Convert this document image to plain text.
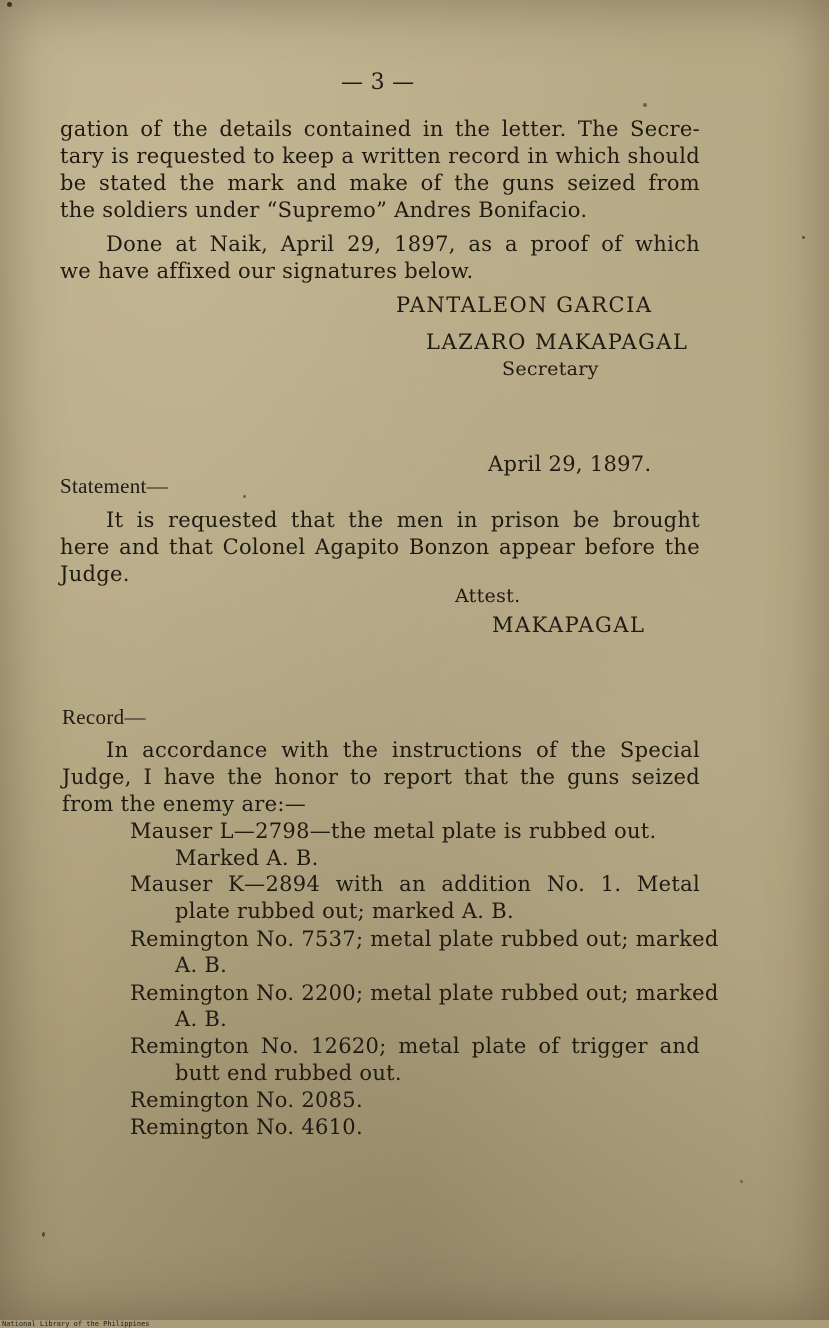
— 3 —
gation of the details contained in the letter. The Secre-
tary is requested to keep a written record in which should
be stated the mark and make of the guns seized from
the soldiers under “Supremo” Andres Bonifacio.
Done at Naik, April 29, 1897, as a proof of which
we have affixed our signatures below.
PANTALEON GARCIA
LAZARO MAKAPAGAL
Secretary
April 29, 1897.
Statement—
It is requested that the men in prison be brought
here and that Colonel Agapito Bonzon appear before the
Judge.
Attest.
MAKAPAGAL
Record—
In accordance with the instructions of the Special
Judge, I have the honor to report that the guns seized
from the enemy are:—
Mauser L—2798—the metal plate is rubbed out.
Marked A. B.
Mauser K—2894 with an addition No. 1. Metal
plate rubbed out; marked A. B.
Remington No. 7537; metal plate rubbed out; marked
A. B.
Remington No. 2200; metal plate rubbed out; marked
A. B.
Remington No. 12620; metal plate of trigger and
butt end rubbed out.
Remington No. 2085.
Remington No. 4610.
National Library of the Philippines
